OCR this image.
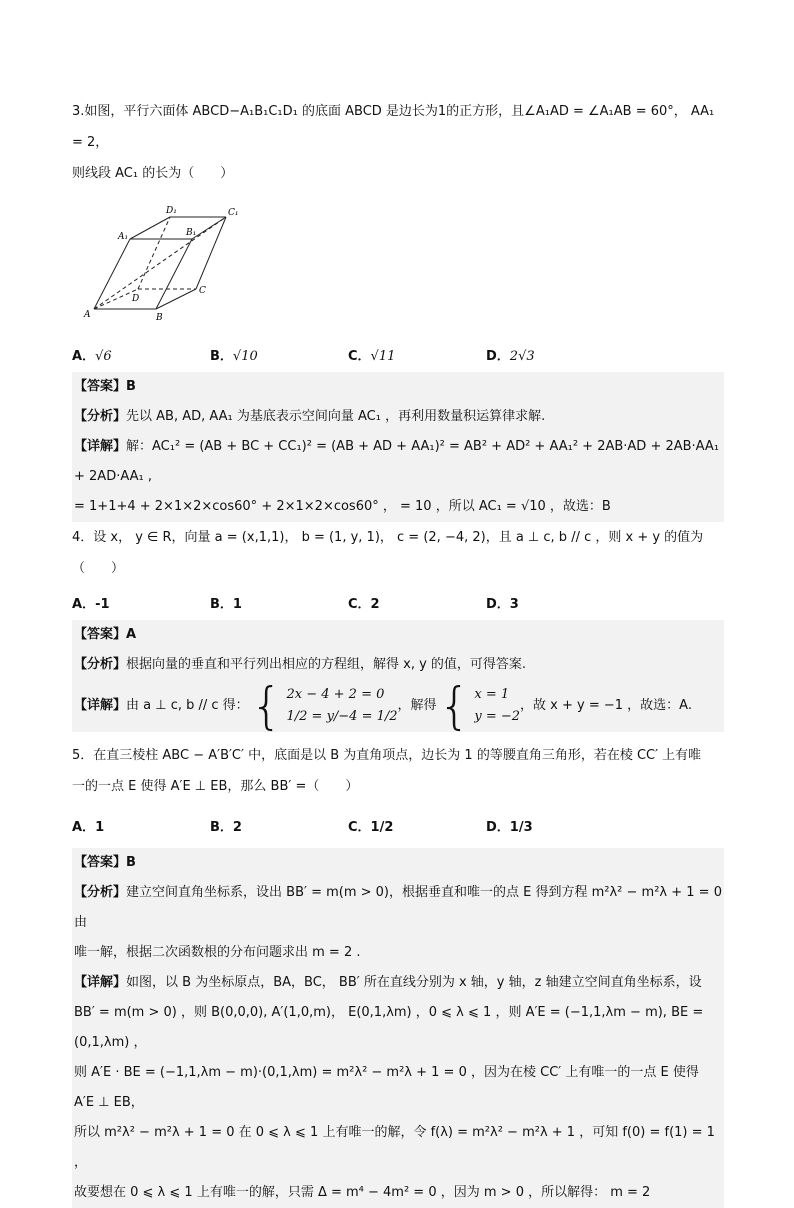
3.如图，平行六面体 ABCD−A₁B₁C₁D₁ 的底面 ABCD 是边长为1的正方形，且∠A₁AD = ∠A₁AB = 60°， AA₁ = 2，

则线段 AC₁ 的长为（　　）

A₁
D₁	C₁
B₁
A
D
C
B
A．√6	B．√10	C．√11	D．2√3

【答案】B

【分析】先以 AB, AD, AA₁ 为基底表示空间向量 AC₁ ，再利用数量积运算律求解.

【详解】解：AC₁² = (AB + BC + CC₁)² = (AB + AD + AA₁)² = AB² + AD² + AA₁² + 2AB·AD + 2AB·AA₁ + 2AD·AA₁ ,

= 1+1+4 + 2×1×2×cos60° + 2×1×2×cos60° ， = 10 ，所以 AC₁ = √10 ，故选：B

4．设 x， y ∈ R，向量 a = (x,1,1)， b = (1, y, 1)， c = (2, −4, 2)，且 a ⊥ c, b // c ，则 x + y 的值为（　　）

A．-1	B．1	C．2	D．3

【答案】A

【分析】根据向量的垂直和平行列出相应的方程组，解得 x, y 的值，可得答案.

【详解】 由 a ⊥ c, b // c 得： { 2x − 4 + 2 = 0
1/2 = y/−4 = 1/2
，解得 { x = 1
y = −2
，故 x + y = −1 ，故选：A.

5．在直三棱柱 ABC − A′B′C′ 中，底面是以 B 为直角项点，边长为 1 的等腰直角三角形，若在棱 CC′ 上有唯

一的一点 E 使得 A′E ⊥ EB，那么 BB′ =（　　）

A．1	B．2	C．1/2	D．1/3

【答案】B

【分析】建立空间直角坐标系，设出 BB′ = m(m > 0)，根据垂直和唯一的点 E 得到方程 m²λ² − m²λ + 1 = 0 由

唯一解，根据二次函数根的分布问题求出 m = 2 .

【详解】如图，以 B 为坐标原点，BA，BC， BB′ 所在直线分别为 x 轴，y 轴，z 轴建立空间直角坐标系，设

BB′ = m(m > 0) ，则 B(0,0,0), A′(1,0,m)， E(0,1,λm) ，0 ⩽ λ ⩽ 1 ，则 A′E = (−1,1,λm − m), BE = (0,1,λm) ，

则 A′E · BE = (−1,1,λm − m)·(0,1,λm) = m²λ² − m²λ + 1 = 0 ，因为在棱 CC′ 上有唯一的一点 E 使得 A′E ⊥ EB，

所以 m²λ² − m²λ + 1 = 0 在 0 ⩽ λ ⩽ 1 上有唯一的解，令 f(λ) = m²λ² − m²λ + 1 ，可知 f(0) = f(1) = 1 ，

故要想在 0 ⩽ λ ⩽ 1 上有唯一的解，只需 Δ = m⁴ − 4m² = 0 ，因为 m > 0 ，所以解得： m = 2
